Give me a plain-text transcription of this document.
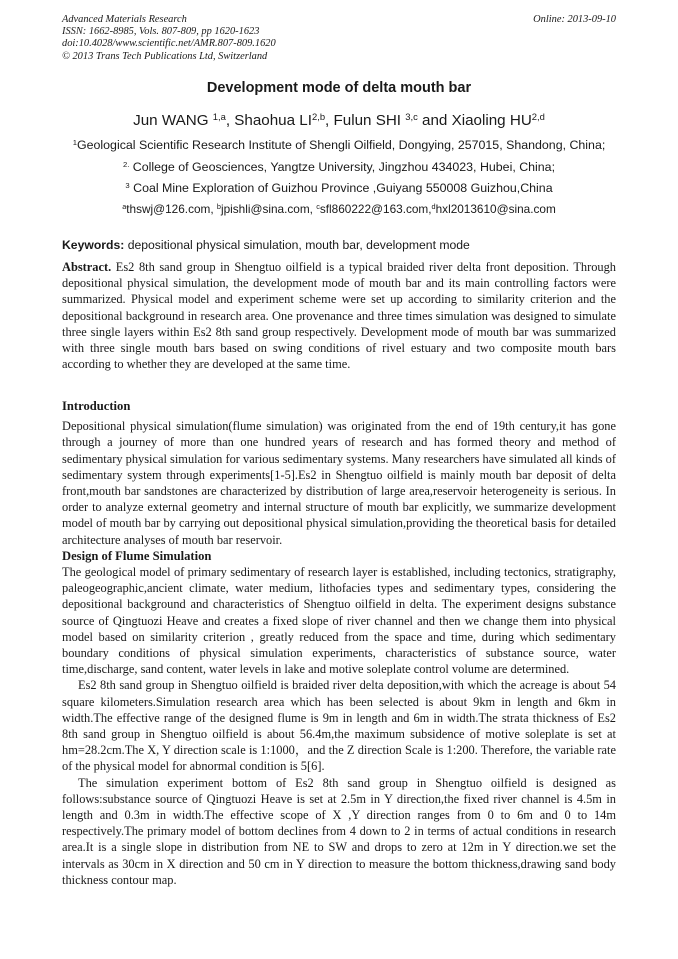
Advanced Materials Research
ISSN: 1662-8985, Vols. 807-809, pp 1620-1623
doi:10.4028/www.scientific.net/AMR.807-809.1620
© 2013 Trans Tech Publications Ltd, Switzerland
Online: 2013-09-10
Development mode of delta mouth bar
Jun WANG $^{1,a}$, Shaohua LI$^{2,b}$, Fulun SHI $^{3,c}$ and Xiaoling HU$^{2,d}$
$^1$Geological Scientific Research Institute of Shengli Oilfield, Dongying, 257015, Shandong, China;
$^{2.}$ College of Geosciences, Yangtze University, Jingzhou 434023, Hubei, China;
$^3$ Coal Mine Exploration of Guizhou Province ,Guiyang 550008 Guizhou,China
$^a$thswj@126.com, $^b$jpishli@sina.com, $^c$sfl860222@163.com,$^d$hxl2013610@sina.com
Keywords: depositional physical simulation, mouth bar, development mode

Abstract. Es2 8th sand group in Shengtuo oilfield is a typical braided river delta front deposition. Through depositional physical simulation, the development mode of mouth bar and its main controlling factors were summarized. Physical model and experiment scheme were set up according to similarity criterion and the depositional background in research area. One provenance and three times simulation was designed to simulate three single layers within Es2 8th sand group respectively. Development mode of mouth bar was summarized with three single mouth bars based on swing conditions of rivel estuary and two composite mouth bars according to whether they are developed at the same time.

Introduction

Depositional physical simulation(flume simulation) was originated from the end of 19th century,it has gone through a journey of more than one hundred years of research and has formed theory and method of sedimentary physical simulation for various sedimentary systems. Many researchers have simulated all kinds of sedimentary system through experiments[1-5].Es2 in Shengtuo oilfield is mainly mouth bar deposit of delta front,mouth bar sandstones are characterized by distribution of large area,reservoir heterogeneity is serious. In order to analyze external geometry and internal structure of mouth bar explicitly, we summarize development model of mouth bar by carrying out depositional physical simulation,providing the theoretical basis for detailed architecture analyses of mouth bar reservoir.

Design of Flume Simulation

The geological model of primary sedimentary of research layer is established, including tectonics, stratigraphy, paleogeographic,ancient climate, water medium, lithofacies types and sedimentary types, considering the depositional background and characteristics of Shengtuo oilfield in delta. The experiment designs substance source of Qingtuozi Heave and creates a fixed slope of river channel and then we change them into physical model based on similarity criterion , greatly reduced from the space and time, during which sedimentary boundary conditions of physical simulation experiments, characteristics of substance source, water time,discharge, sand content, water levels in lake and motive soleplate control volume are determined.

Es2 8th sand group in Shengtuo oilfield is braided river delta deposition,with which the acreage is about 54 square kilometers.Simulation research area which has been selected is about 9km in length and 6km in width.The effective range of the designed flume is 9m in length and 6m in width.The strata thickness of Es2 8th sand group in Shengtuo oilfield is about 56.4m,the maximum subsidence of motive soleplate is set at hm=28.2cm.The X, Y direction scale is 1:1000，and the Z direction Scale is 1:200. Therefore, the variable rate of the physical model for abnormal condition is 5[6].

The simulation experiment bottom of Es2 8th sand group in Shengtuo oilfield is designed as follows:substance source of Qingtuozi Heave is set at 2.5m in Y direction,the fixed river channel is 4.5m in length and 0.3m in width.The effective scope of X ,Y direction ranges from 0 to 6m and 0 to 14m respectively.The primary model of bottom declines from 4 down to 2 in terms of actual conditions in research area.It is a single slope in distribution from NE to SW and drops to zero at 12m in Y direction.we set the intervals as 30cm in X direction and 50 cm in Y direction to measure the bottom thickness,drawing sand body thickness contour map.
